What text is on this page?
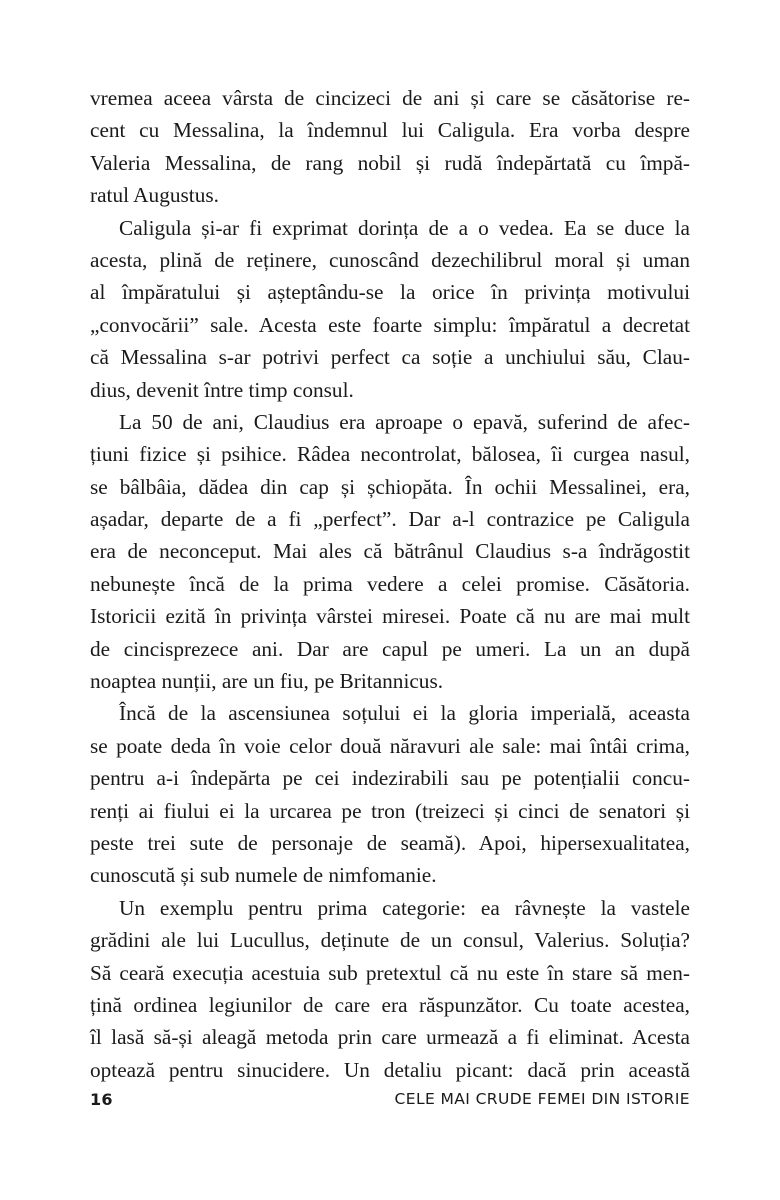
vremea aceea vârsta de cincizeci de ani și care se căsătorise re-
cent cu Messalina, la îndemnul lui Caligula. Era vorba despre
Valeria Messalina, de rang nobil și rudă îndepărtată cu împă-
ratul Augustus.
Caligula și-ar fi exprimat dorința de a o vedea. Ea se duce la
acesta, plină de reținere, cunoscând dezechilibrul moral și uman
al împăratului și așteptându-se la orice în privința motivului
„convocării” sale. Acesta este foarte simplu: împăratul a decretat
că Messalina s-ar potrivi perfect ca soție a unchiului său, Clau-
dius, devenit între timp consul.
La 50 de ani, Claudius era aproape o epavă, suferind de afec-
țiuni fizice și psihice. Râdea necontrolat, bălosea, îi curgea nasul,
se bâlbâia, dădea din cap și șchiopăta. În ochii Messalinei, era,
așadar, departe de a fi „perfect”. Dar a-l contrazice pe Caligula
era de neconceput. Mai ales că bătrânul Claudius s-a îndrăgostit
nebunește încă de la prima vedere a celei promise. Căsătoria.
Istoricii ezită în privința vârstei miresei. Poate că nu are mai mult
de cincisprezece ani. Dar are capul pe umeri. La un an după
noaptea nunții, are un fiu, pe Britannicus.
Încă de la ascensiunea soțului ei la gloria imperială, aceasta
se poate deda în voie celor două năravuri ale sale: mai întâi crima,
pentru a-i îndepărta pe cei indezirabili sau pe potențialii concu-
renți ai fiului ei la urcarea pe tron (treizeci și cinci de senatori și
peste trei sute de personaje de seamă). Apoi, hipersexualitatea,
cunoscută și sub numele de nimfomanie.
Un exemplu pentru prima categorie: ea râvnește la vastele
grădini ale lui Lucullus, deținute de un consul, Valerius. Soluția?
Să ceară execuția acestuia sub pretextul că nu este în stare să men-
țină ordinea legiunilor de care era răspunzător. Cu toate acestea,
îl lasă să-și aleagă metoda prin care urmează a fi eliminat. Acesta
optează pentru sinucidere. Un detaliu picant: dacă prin această
16	CELE MAI CRUDE FEMEI DIN ISTORIE
